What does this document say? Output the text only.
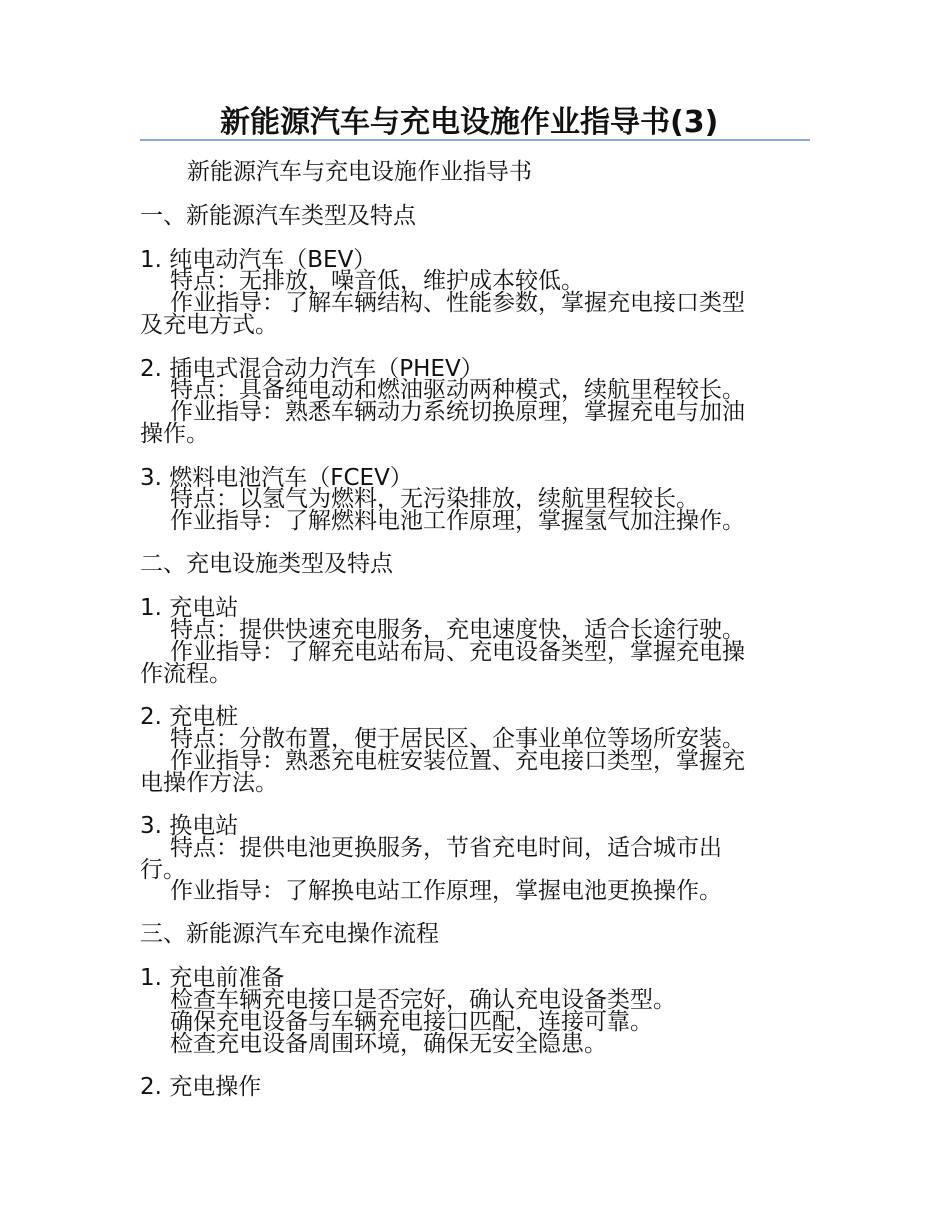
新能源汽车与充电设施作业指导书(3)
新能源汽车与充电设施作业指导书
一、新能源汽车类型及特点
1. 纯电动汽车（BEV）
特点：无排放，噪音低，维护成本较低。
作业指导：了解车辆结构、性能参数，掌握充电接口类型
及充电方式。
2. 插电式混合动力汽车（PHEV）
特点：具备纯电动和燃油驱动两种模式，续航里程较长。
作业指导：熟悉车辆动力系统切换原理，掌握充电与加油
操作。
3. 燃料电池汽车（FCEV）
特点：以氢气为燃料，无污染排放，续航里程较长。
作业指导：了解燃料电池工作原理，掌握氢气加注操作。
二、充电设施类型及特点
1. 充电站
特点：提供快速充电服务，充电速度快，适合长途行驶。
作业指导：了解充电站布局、充电设备类型，掌握充电操
作流程。
2. 充电桩
特点：分散布置，便于居民区、企事业单位等场所安装。
作业指导：熟悉充电桩安装位置、充电接口类型，掌握充
电操作方法。
3. 换电站
特点：提供电池更换服务，节省充电时间，适合城市出
行。
作业指导：了解换电站工作原理，掌握电池更换操作。
三、新能源汽车充电操作流程
1. 充电前准备
检查车辆充电接口是否完好，确认充电设备类型。
确保充电设备与车辆充电接口匹配，连接可靠。
检查充电设备周围环境，确保无安全隐患。
2. 充电操作
